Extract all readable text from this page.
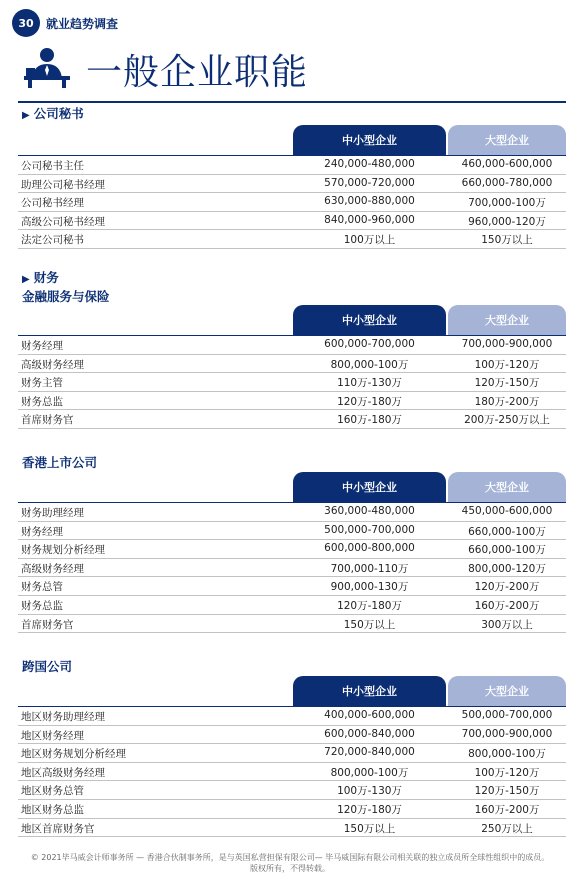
30	就业趋势调查
一般企业职能
▶ 公司秘书
中小型企业	大型企业
公司秘书主任	240,000-480,000	460,000-600,000
助理公司秘书经理	570,000-720,000	660,000-780,000
公司秘书经理	630,000-880,000	700,000-100万
高级公司秘书经理	840,000-960,000	960,000-120万
法定公司秘书	100万以上	150万以上
▶ 财务
金融服务与保险
中小型企业	大型企业
财务经理	600,000-700,000	700,000-900,000
高级财务经理	800,000-100万	100万-120万
财务主管	110万-130万	120万-150万
财务总监	120万-180万	180万-200万
首席财务官	160万-180万	200万-250万以上
香港上市公司
中小型企业	大型企业
财务助理经理	360,000-480,000	450,000-600,000
财务经理	500,000-700,000	660,000-100万
财务规划分析经理	600,000-800,000	660,000-100万
高级财务经理	700,000-110万	800,000-120万
财务总管	900,000-130万	120万-200万
财务总监	120万-180万	160万-200万
首席财务官	150万以上	300万以上
跨国公司
中小型企业	大型企业
地区财务助理经理	400,000-600,000	500,000-700,000
地区财务经理	600,000-840,000	700,000-900,000
地区财务规划分析经理	720,000-840,000	800,000-100万
地区高级财务经理	800,000-100万	100万-120万
地区财务总管	100万-130万	120万-150万
地区财务总监	120万-180万	160万-200万
地区首席财务官	150万以上	250万以上
© 2021毕马威会计师事务所 — 香港合伙制事务所，是与英国私营担保有限公司— 毕马威国际有限公司相关联的独立成员所全球性组织中的成员。
版权所有，不得转载。
